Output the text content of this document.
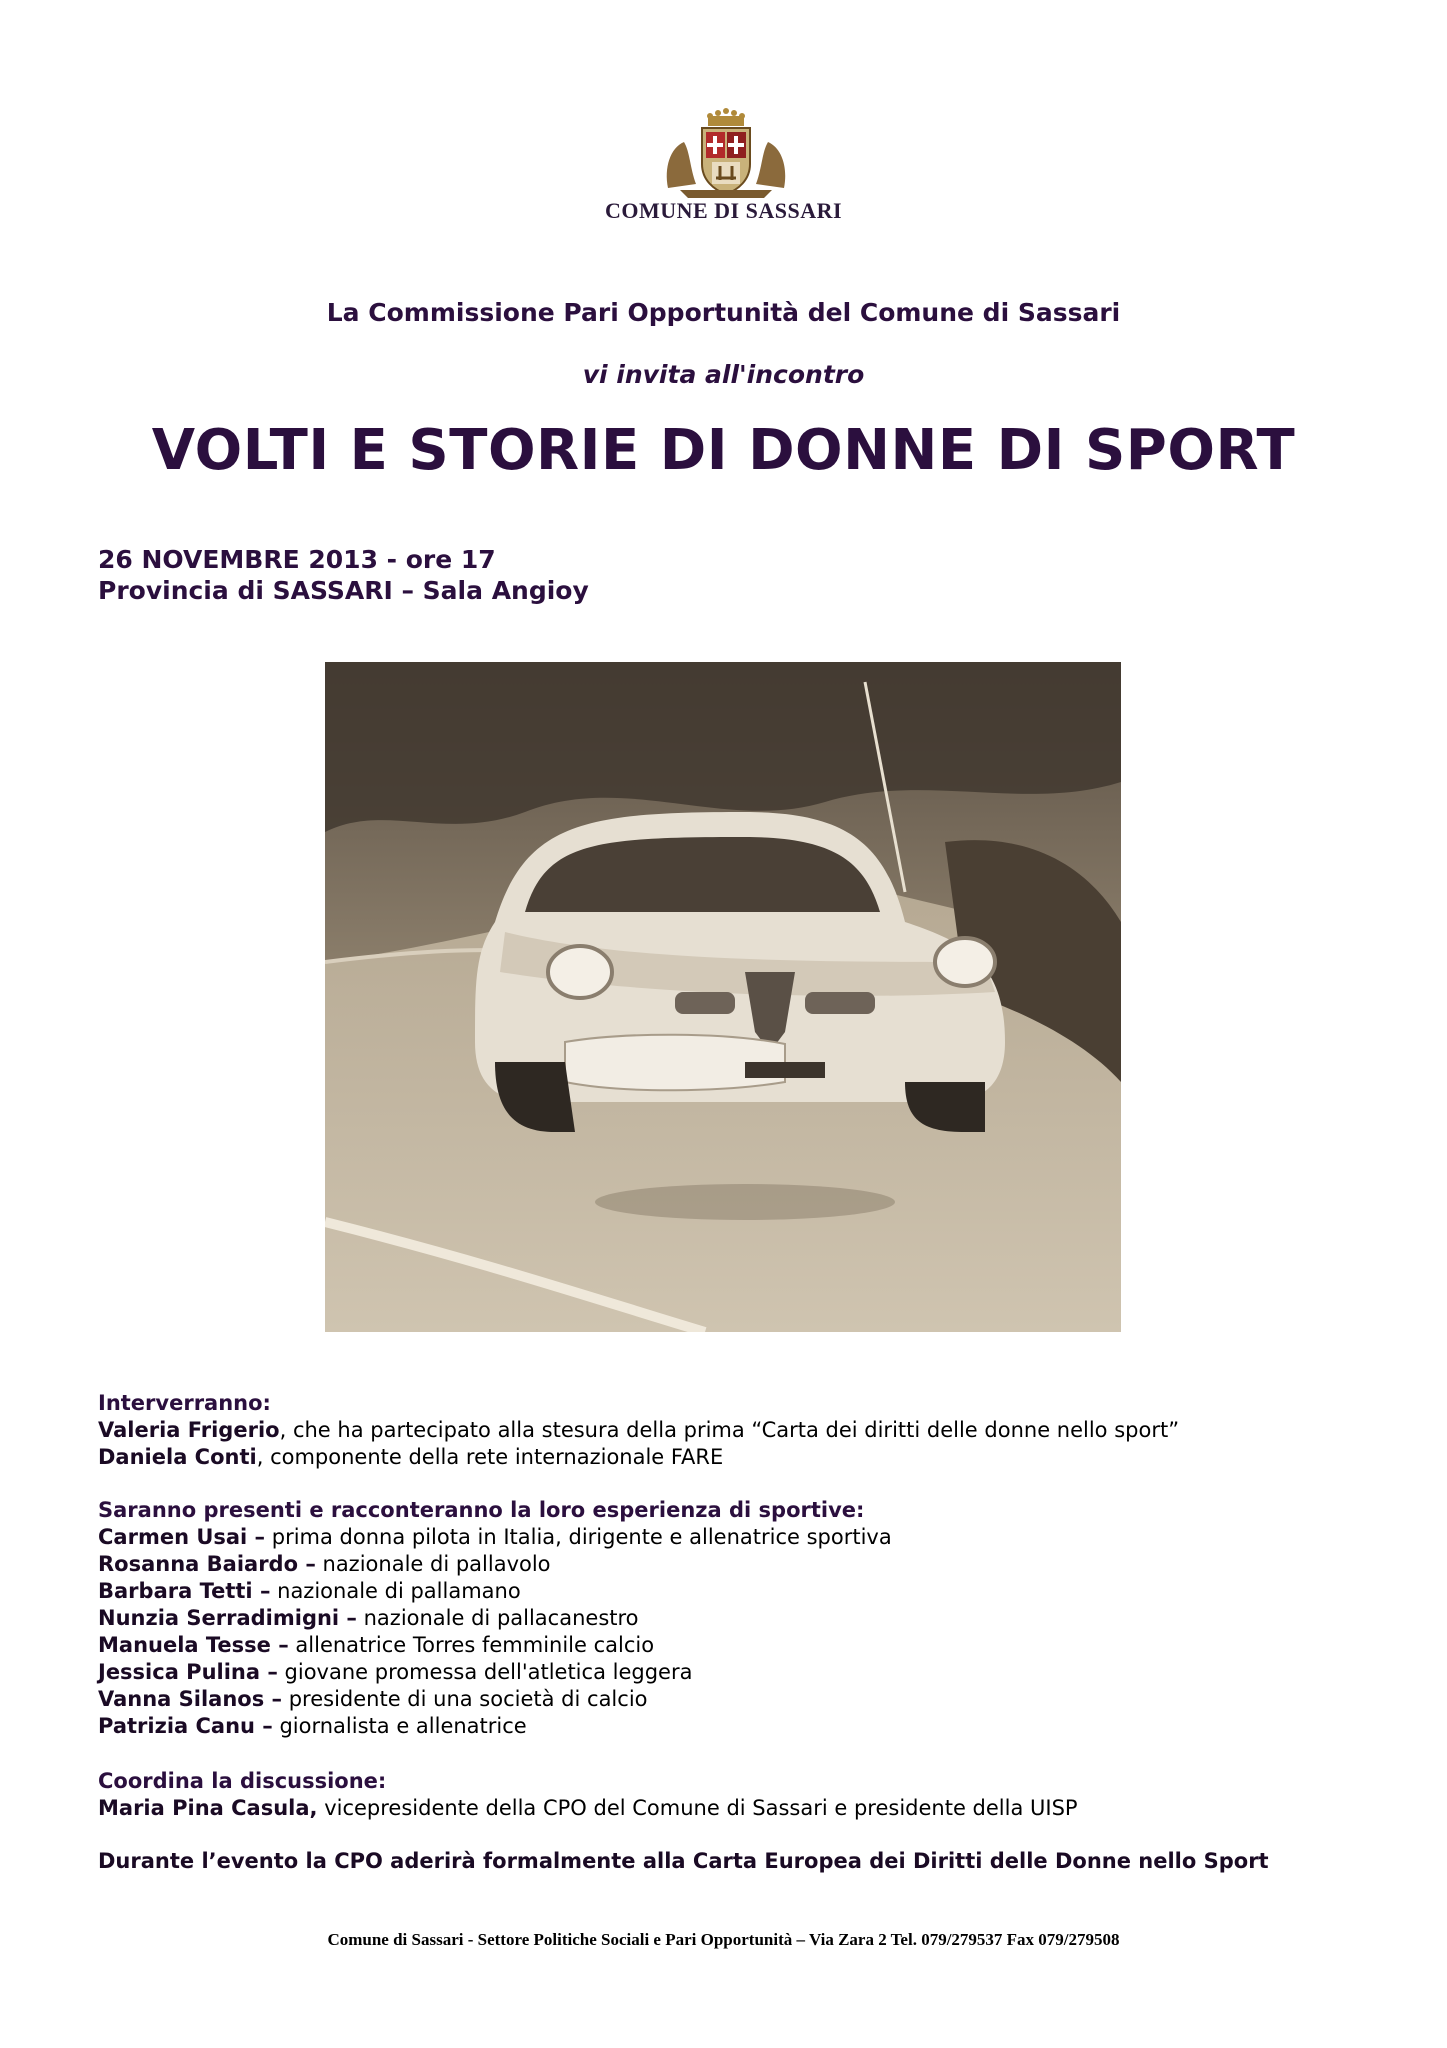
COMUNE DI SASSARI
La Commissione Pari Opportunità del Comune di Sassari
vi invita all'incontro
VOLTI E STORIE DI DONNE DI SPORT
26 NOVEMBRE 2013 - ore 17
Provincia di SASSARI – Sala Angioy
Interverranno:
Valeria Frigerio, che ha partecipato alla stesura della prima “Carta dei diritti delle donne nello sport”
Daniela Conti, componente della rete internazionale FARE
Saranno presenti e racconteranno la loro esperienza di sportive:
Carmen Usai – prima donna pilota in Italia, dirigente e allenatrice sportiva
Rosanna Baiardo – nazionale di pallavolo
Barbara Tetti – nazionale di pallamano
Nunzia Serradimigni – nazionale di pallacanestro
Manuela Tesse – allenatrice Torres femminile calcio
Jessica Pulina – giovane promessa dell'atletica leggera
Vanna Silanos – presidente di una società di calcio
Patrizia Canu – giornalista e allenatrice
Coordina la discussione:
Maria Pina Casula, vicepresidente della CPO del Comune di Sassari e presidente della UISP
Durante l’evento la CPO aderirà formalmente alla Carta Europea dei Diritti delle Donne nello Sport
Comune di Sassari - Settore Politiche Sociali e Pari Opportunità – Via Zara 2 Tel. 079/279537 Fax 079/279508
